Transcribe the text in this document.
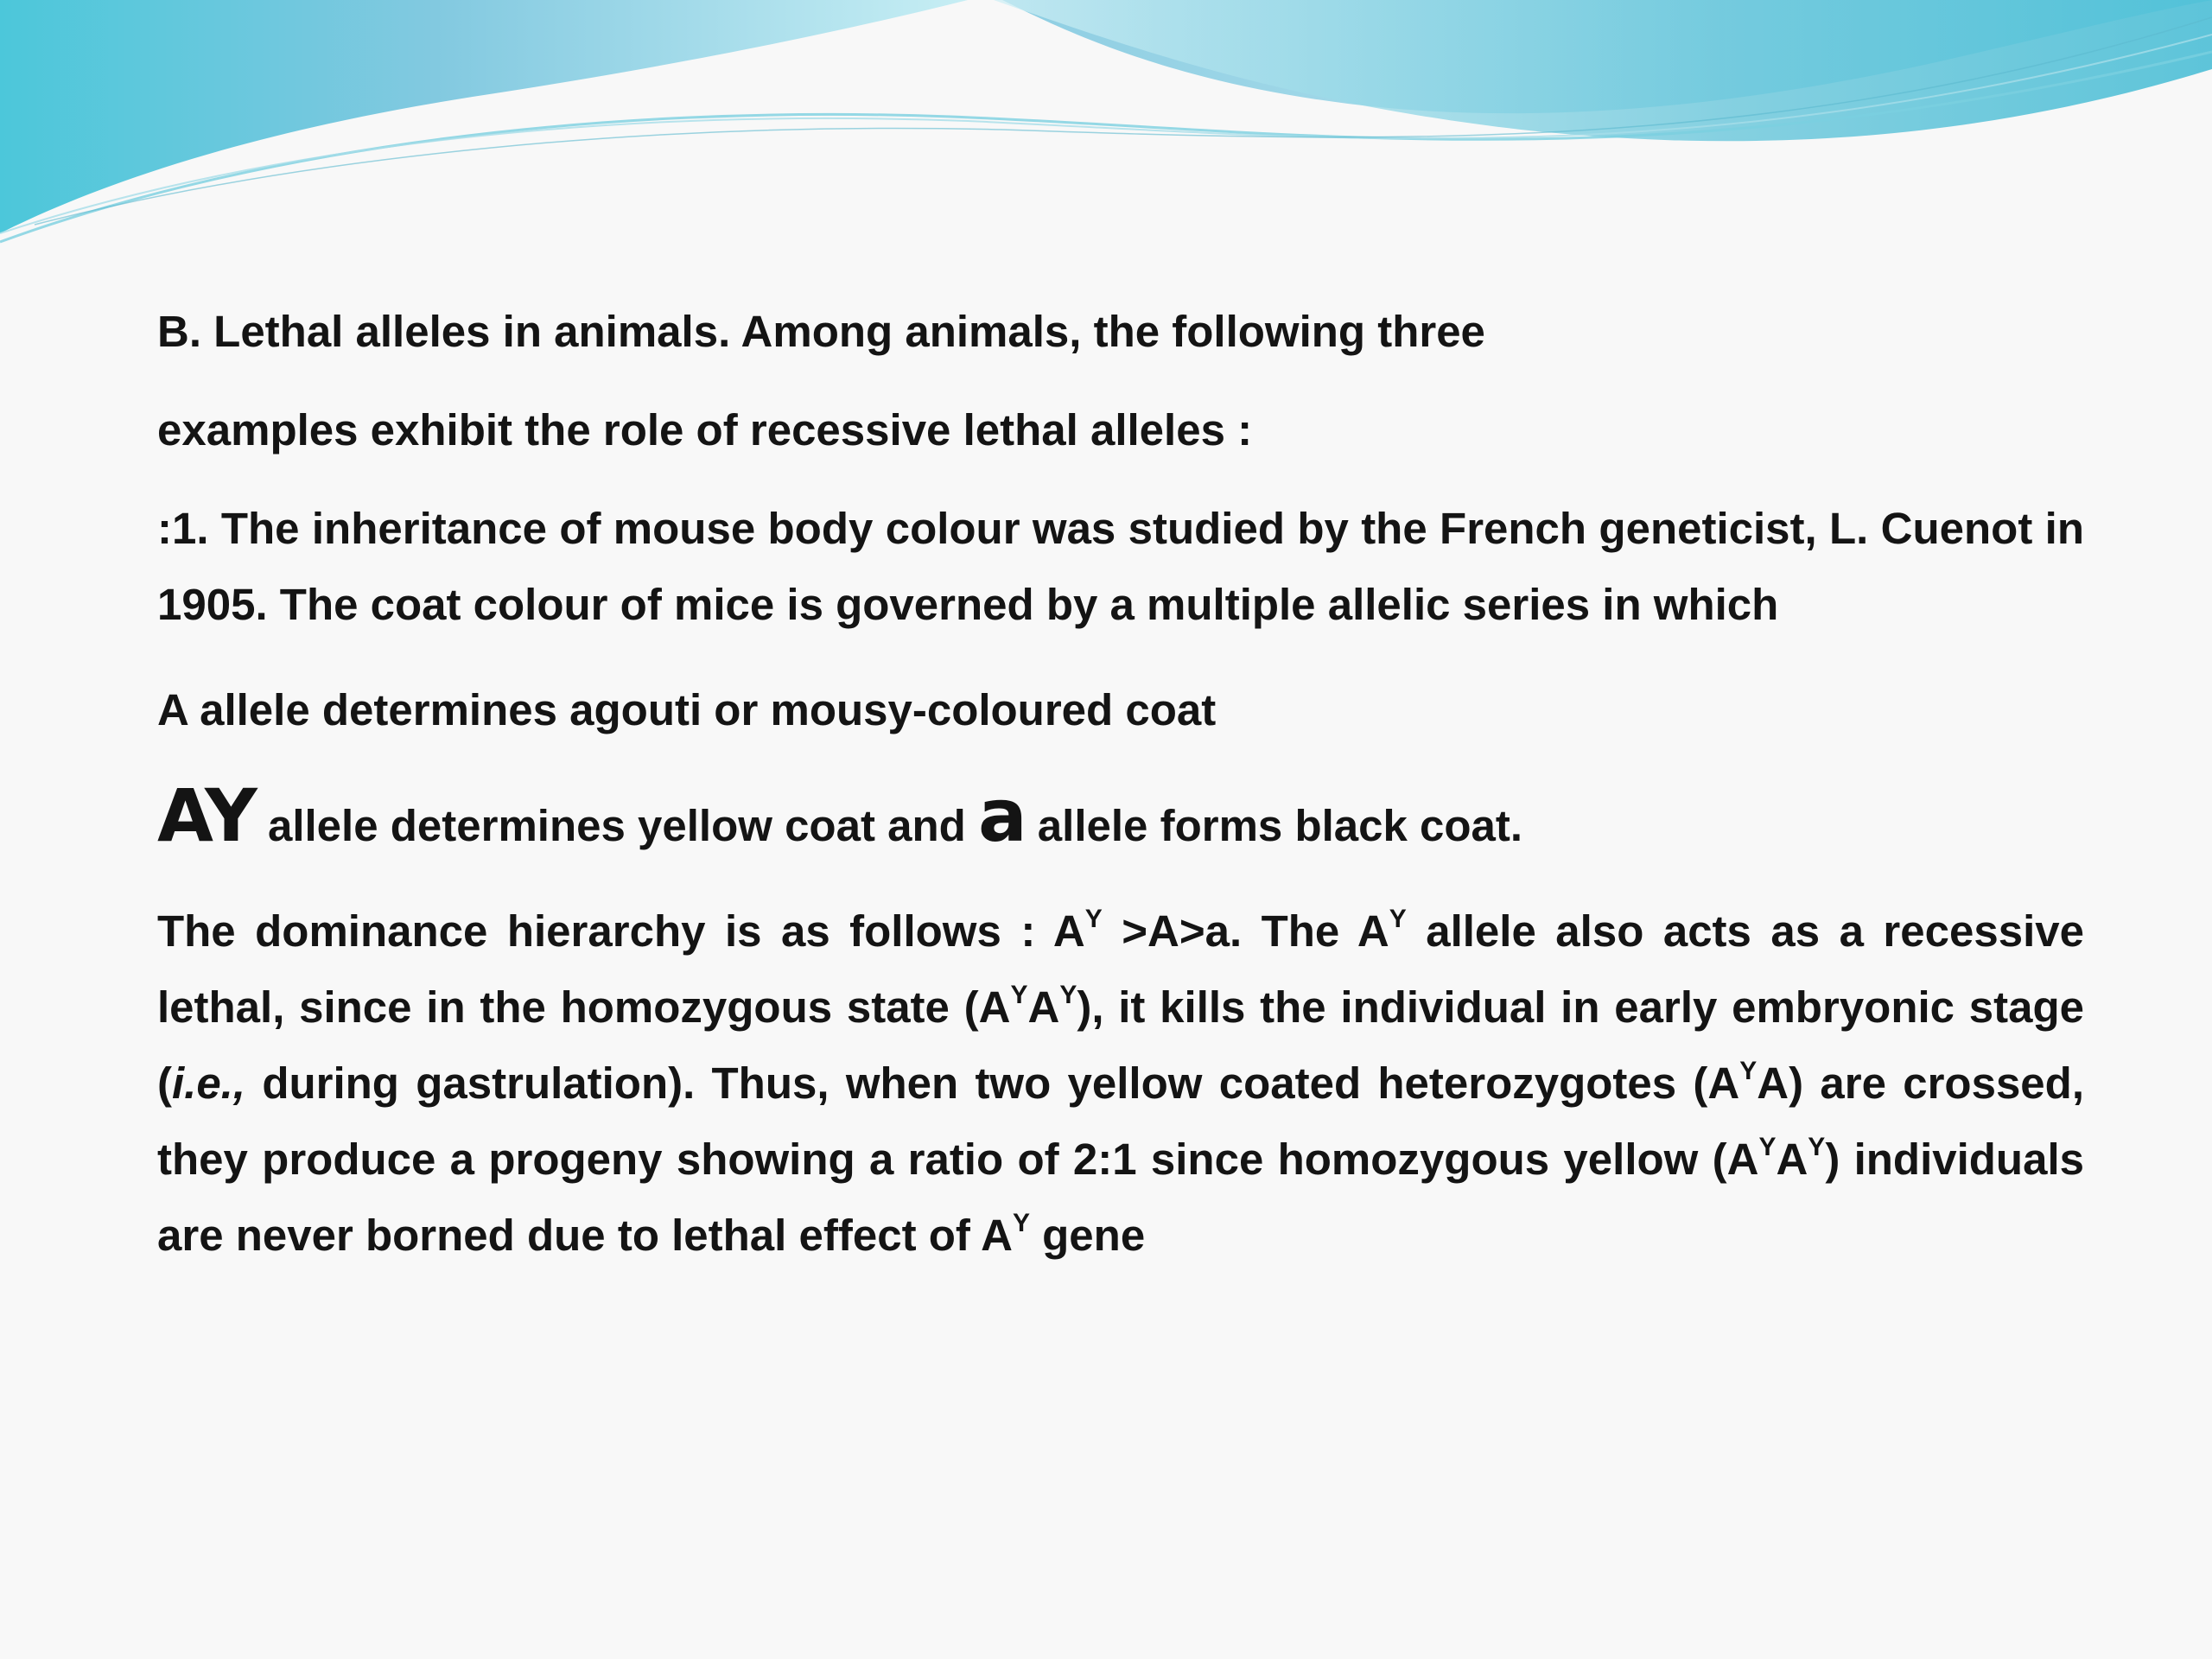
B. Lethal alleles in animals. Among animals, the following three

examples exhibit the role of recessive lethal alleles :

:1. The inheritance of mouse body colour was studied by the French geneticist, L. Cuenot in 1905. The coat colour of mice is governed by a multiple allelic series in which

A allele determines agouti or mousy-coloured coat

AY allele determines yellow coat and a allele forms black coat.

The dominance hierarchy is as follows : $A^Y >A>a$. The $A^Y$ allele also acts as a recessive lethal, since in the homozygous state $(A^YA^Y)$, it kills the individual in early embryonic stage (i.e., during gastrulation). Thus, when two yellow coated heterozygotes $(A^YA)$ are crossed, they produce a progeny showing a ratio of 2:1 since homozygous yellow $(A^YA^Y)$ individuals are never borned due to lethal effect of $A^Y$ gene
